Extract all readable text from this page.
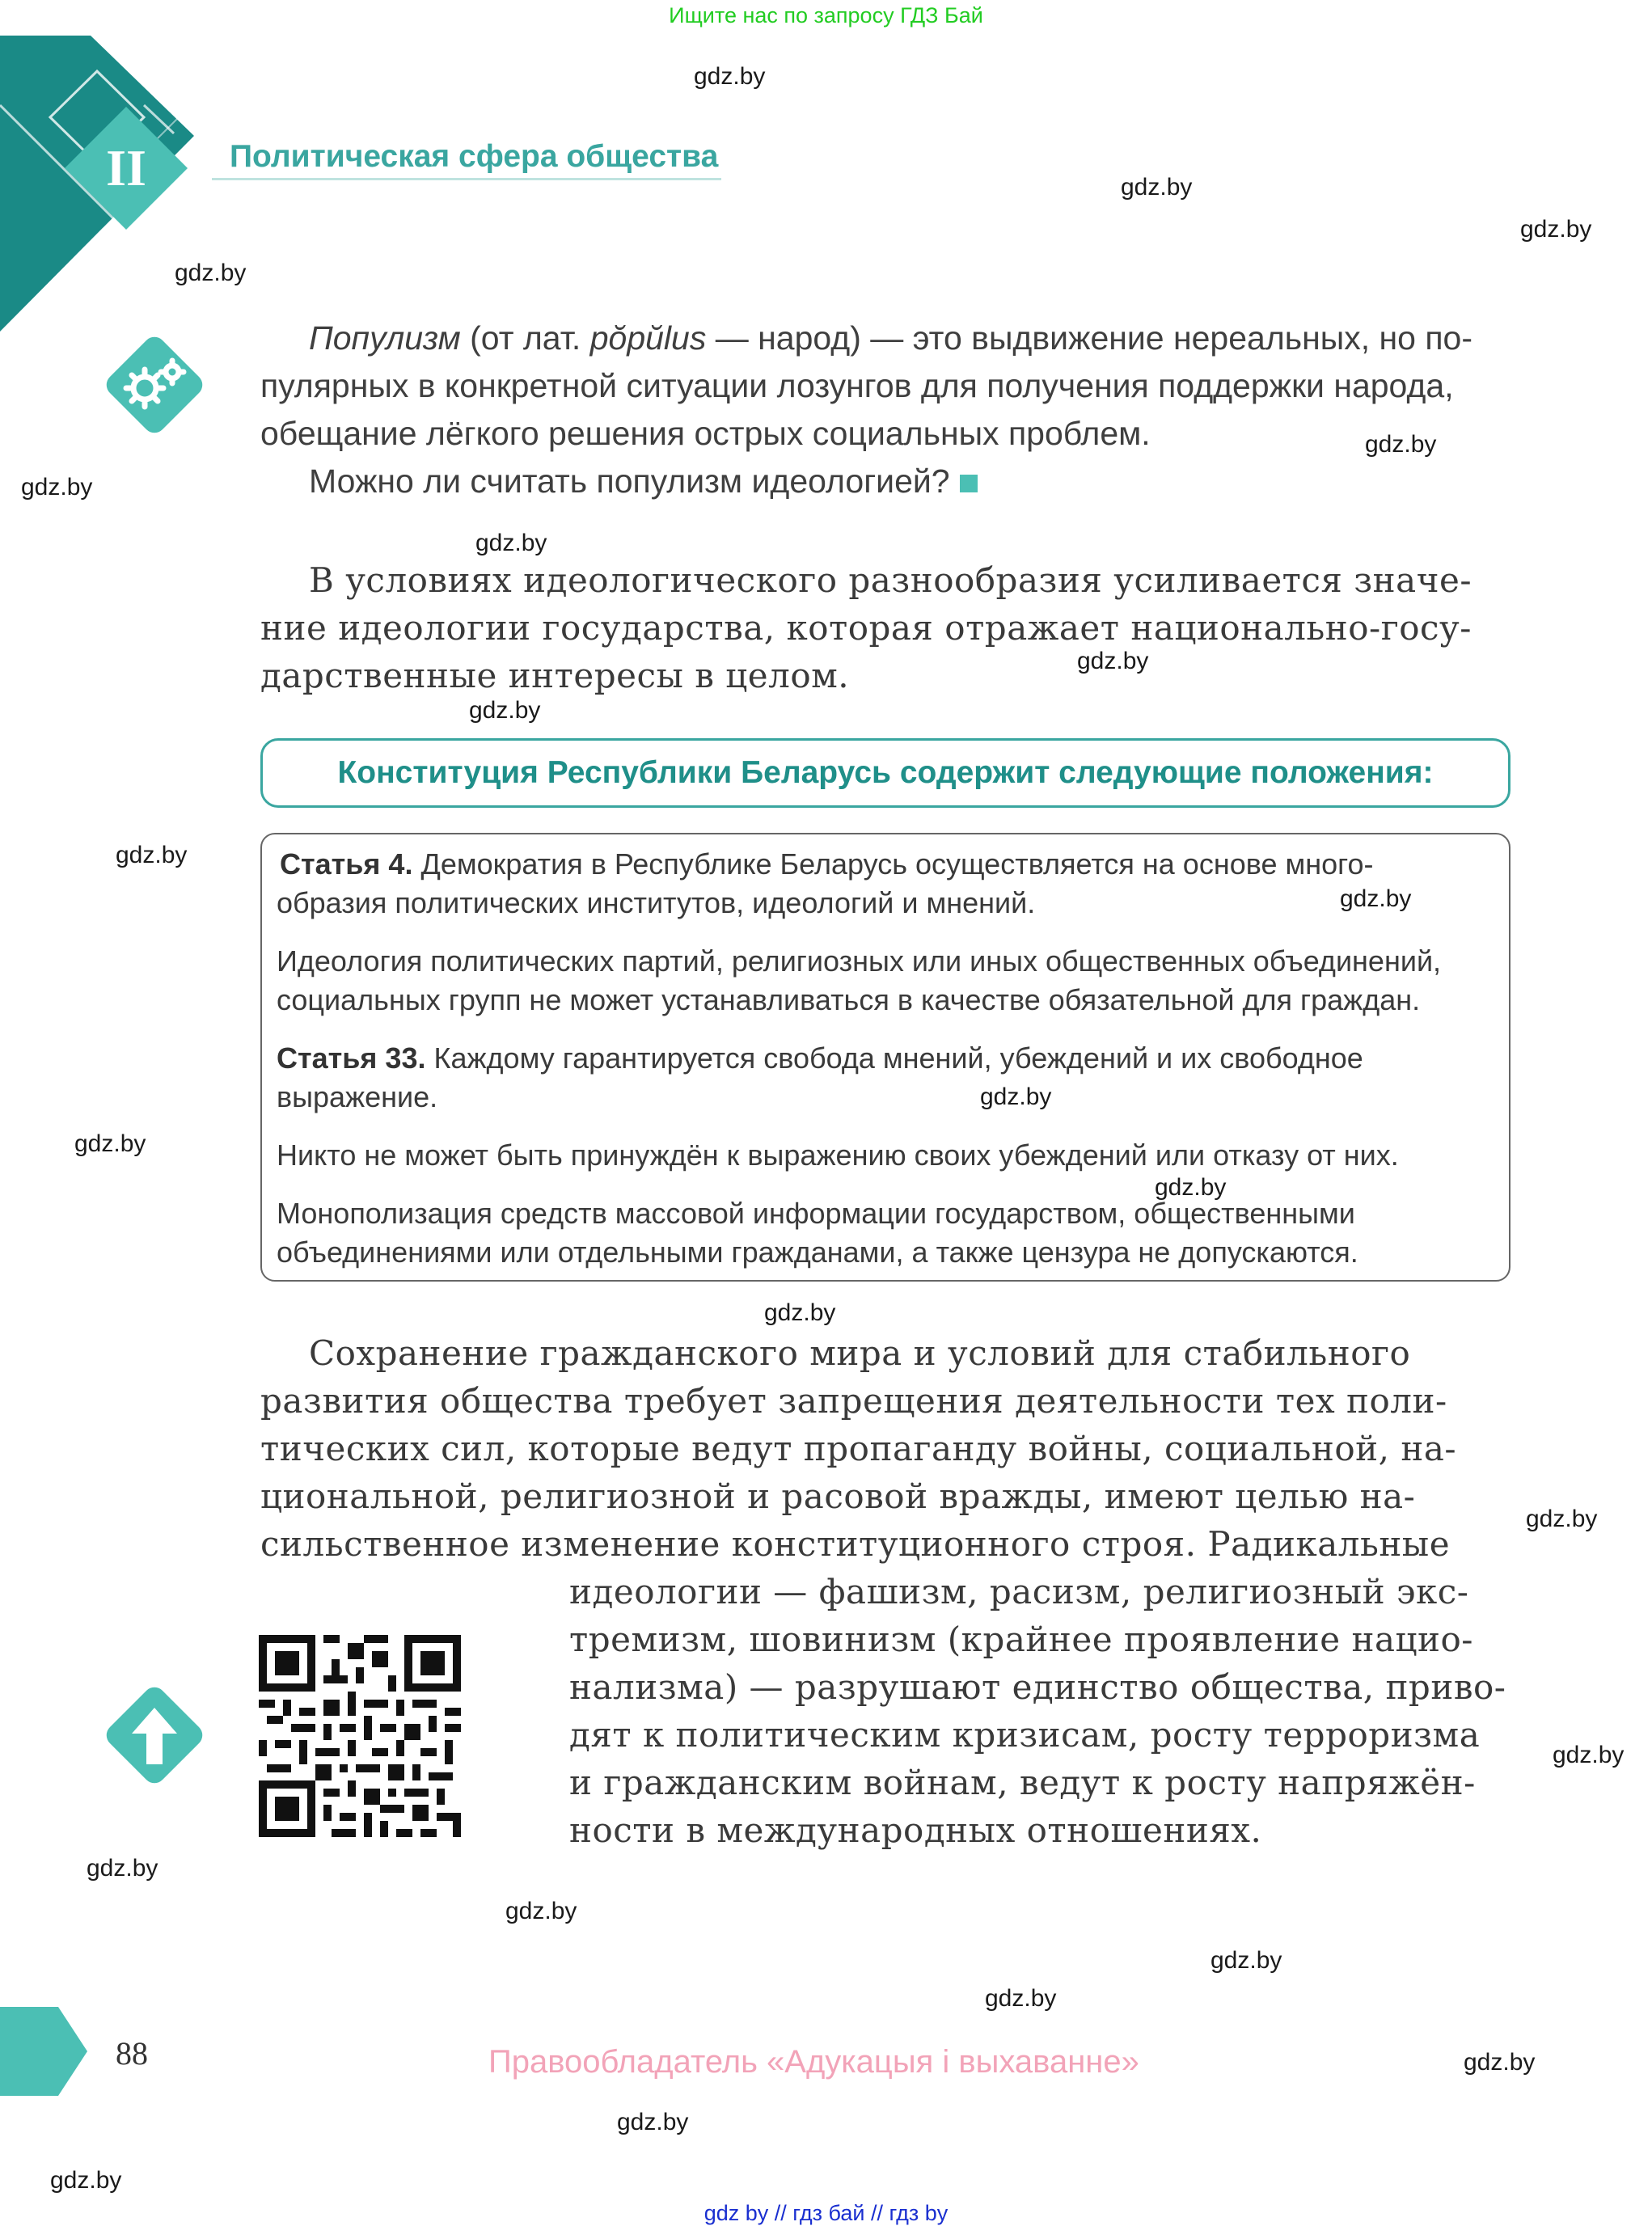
Ищите нас по запросу ГДЗ Бай
II	Политическая сфера общества
Популизм (от лат. pŏpŭlus — народ) — это выдвижение нереальных, но по-
пулярных в конкретной ситуации лозунгов для получения поддержки народа,
обещание лёгкого решения острых социальных проблем.
Можно ли считать популизм идеологией?
В условиях идеологического разнообразия усиливается значе-
ние идеологии государства, которая отражает национально-госу-
дарственные интересы в целом.
Конституция Республики Беларусь содержит следующие положения:
Статья 4. Демократия в Республике Беларусь осуществляется на основе много-
образия политических институтов, идеологий и мнений.
Идеология политических партий, религиозных или иных общественных объединений,
социальных групп не может устанавливаться в качестве обязательной для граждан.
Статья 33. Каждому гарантируется свобода мнений, убеждений и их свободное
выражение.
Никто не может быть принуждён к выражению своих убеждений или отказу от них.
Монополизация средств массовой информации государством, общественными
объединениями или отдельными гражданами, а также цензура не допускаются.
Сохранение гражданского мира и условий для стабильного
развития общества требует запрещения деятельности тех поли-
тических сил, которые ведут пропаганду войны, социальной, на-
циональной, религиозной и расовой вражды, имеют целью на-
сильственное изменение конституционного строя. Радикальные
идеологии — фашизм, расизм, религиозный экс-
тремизм, шовинизм (крайнее проявление нацио-
нализма) — разрушают единство общества, приво-
дят к политическим кризисам, росту терроризма
и гражданским войнам, ведут к росту напряжён-
ности в международных отношениях.
88	Правообладатель «Адукацыя і выхаванне»
gdz.by
gdz.by
gdz.by
gdz.by
gdz.by
gdz.by
gdz.by
gdz.by
gdz.by
gdz.by
gdz.by
gdz.by
gdz.by
gdz.by
gdz.by
gdz.by
gdz.by
gdz.by
gdz.by
gdz.by
gdz.by
gdz.by
gdz.by
gdz.by
gdz by // гдз бай // гдз by
